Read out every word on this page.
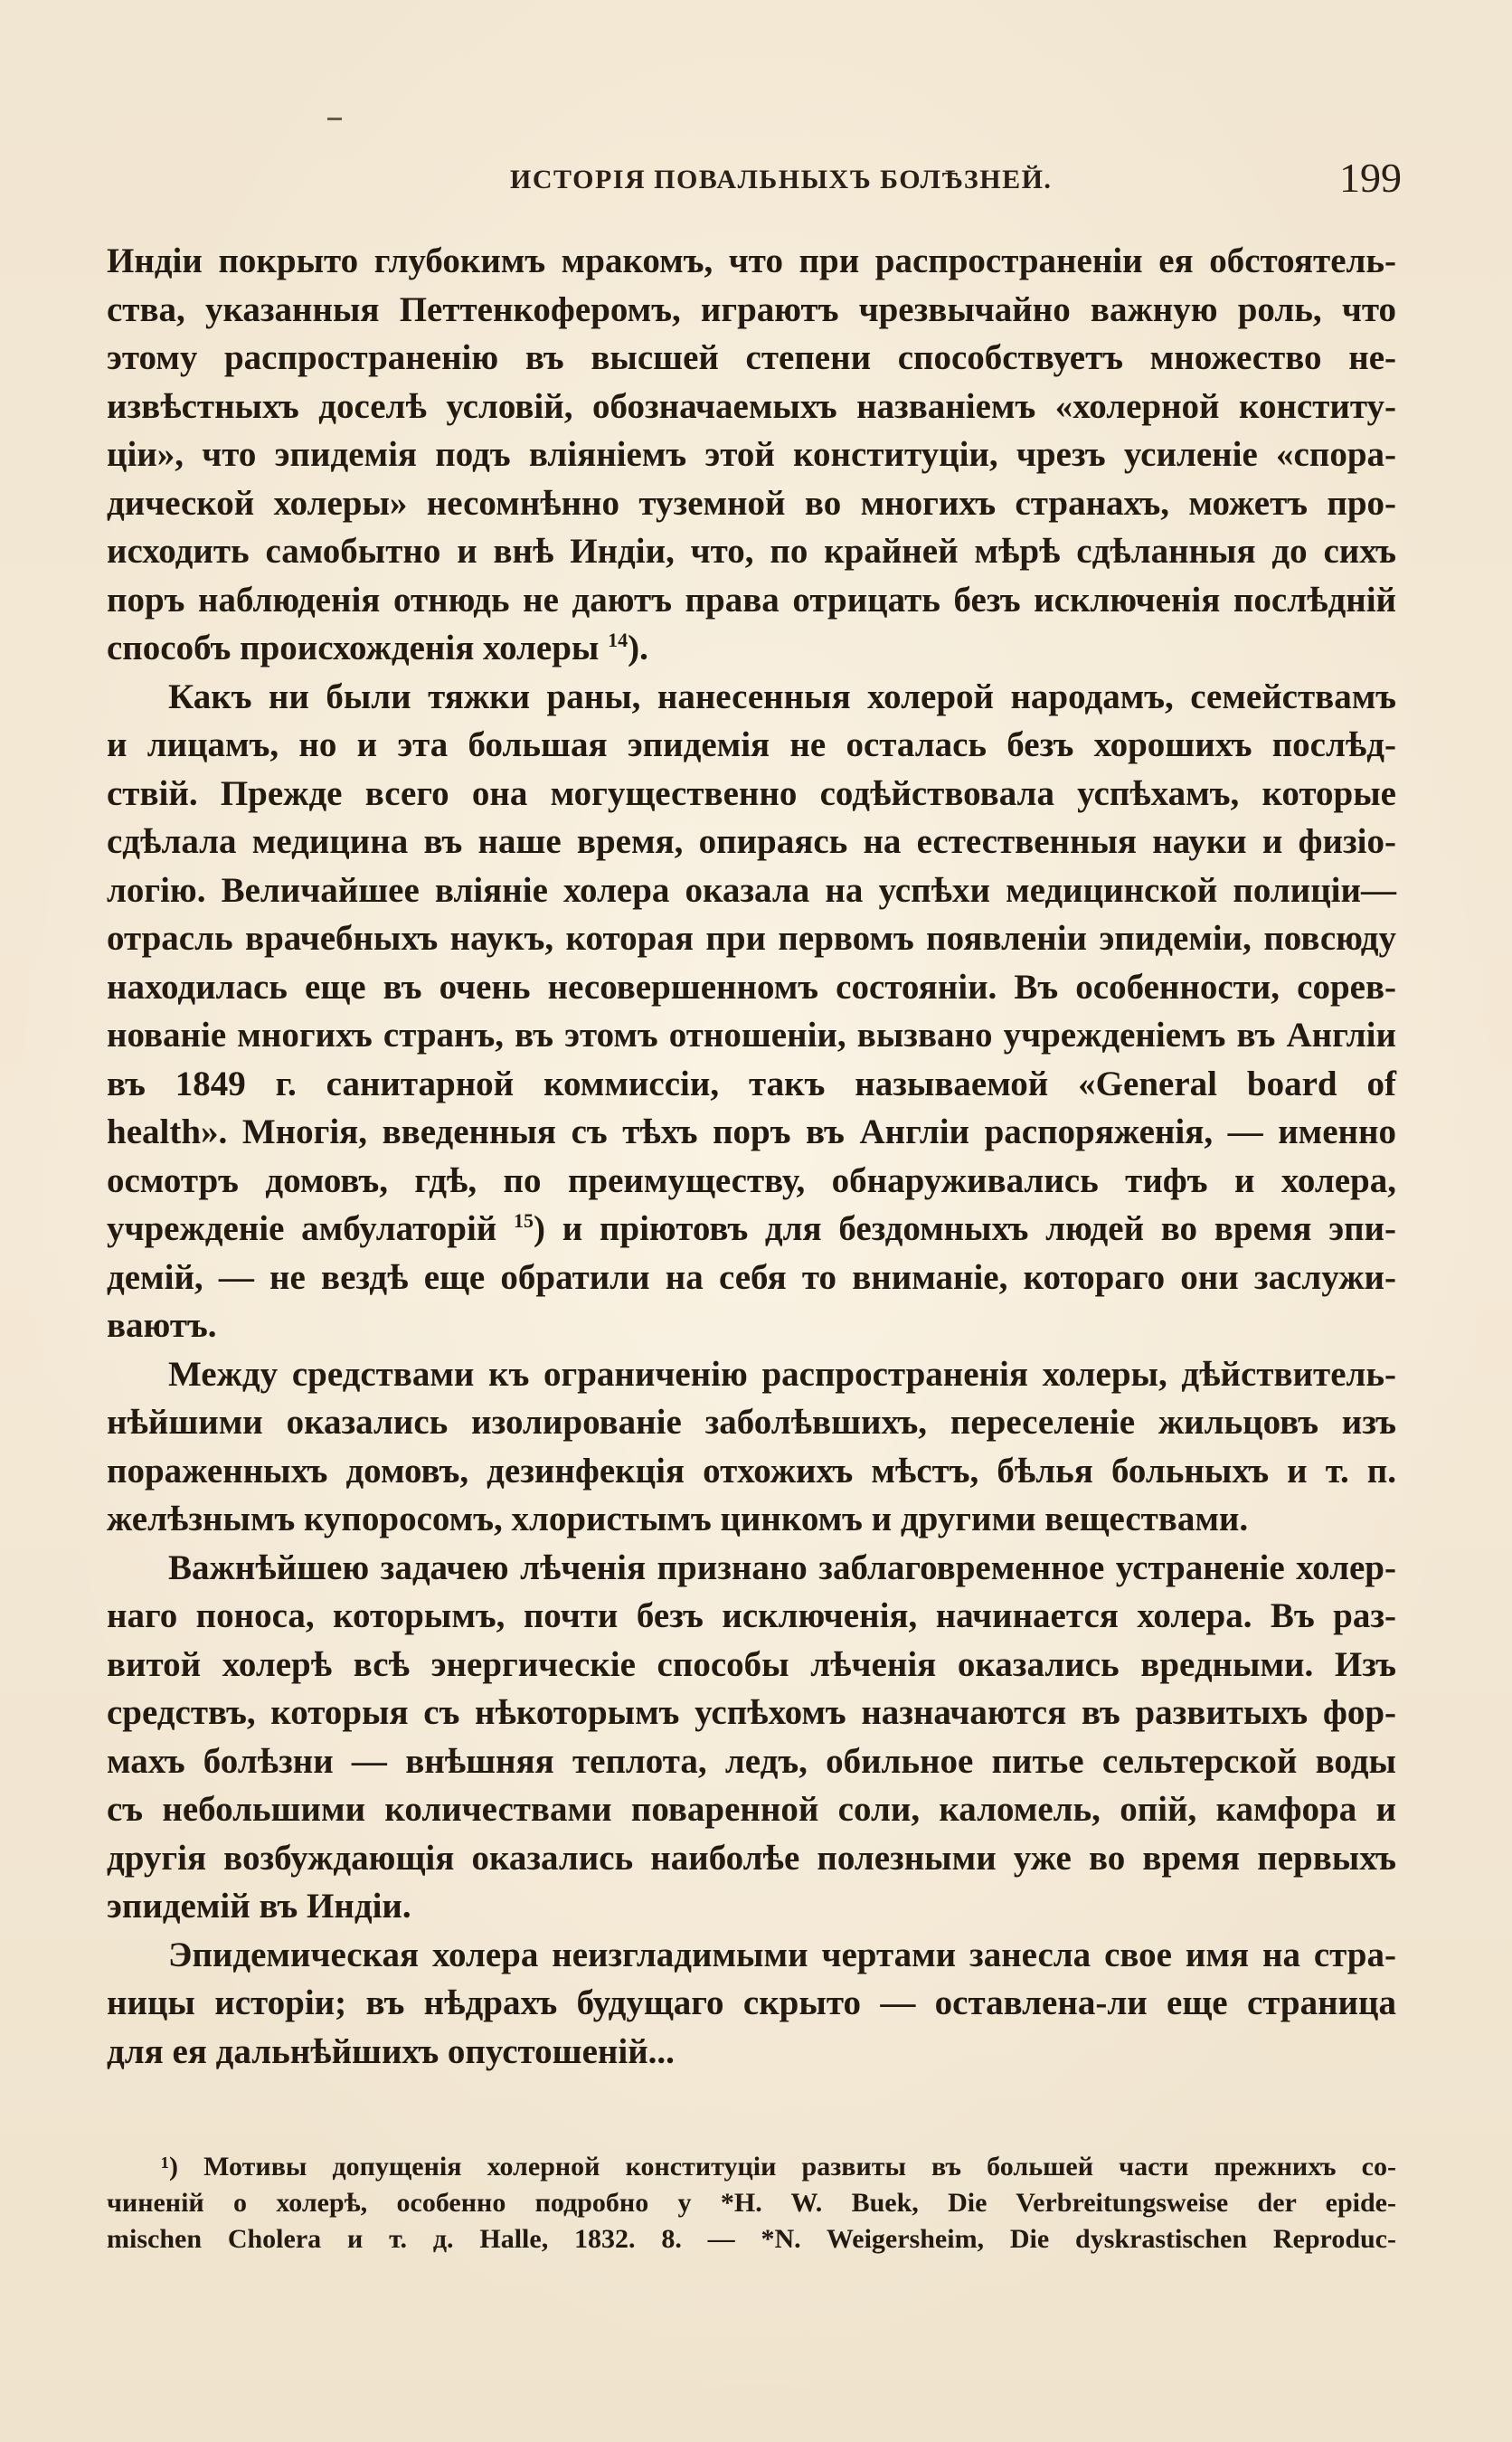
ИСТОРІЯ ПОВАЛЬНЫХЪ БОЛѢЗНЕЙ.	199
Индіи покрыто глубокимъ мракомъ, что при распространеніи ея обстоятель-
ства, указанныя Петтенкоферомъ, играютъ чрезвычайно важную роль, что
этому распространенію въ высшей степени способствуетъ множество не-
извѣстныхъ доселѣ условій, обозначаемыхъ названіемъ «холерной конститу-
ціи», что эпидемія подъ вліяніемъ этой конституціи, чрезъ усиленіе «спора-
дической холеры» несомнѣнно туземной во многихъ странахъ, можетъ про-
исходить самобытно и внѣ Индіи, что, по крайней мѣрѣ сдѣланныя до сихъ
поръ наблюденія отнюдь не даютъ права отрицать безъ исключенія послѣдній
способъ происхожденія холеры $^{14}$).
Какъ ни были тяжки раны, нанесенныя холерой народамъ, семействамъ
и лицамъ, но и эта большая эпидемія не осталась безъ хорошихъ послѣд-
ствій. Прежде всего она могущественно содѣйствовала успѣхамъ, которые
сдѣлала медицина въ наше время, опираясь на естественныя науки и физіо-
логію. Величайшее вліяніе холера оказала на успѣхи медицинской полиціи—
отрасль врачебныхъ наукъ, которая при первомъ появленіи эпидеміи, повсюду
находилась еще въ очень несовершенномъ состояніи. Въ особенности, сорев-
нованіе многихъ странъ, въ этомъ отношеніи, вызвано учрежденіемъ въ Англіи
въ 1849 г. санитарной коммиссіи, такъ называемой «General board of
health». Многія, введенныя съ тѣхъ поръ въ Англіи распоряженія, — именно
осмотръ домовъ, гдѣ, по преимуществу, обнаруживались тифъ и холера,
учрежденіе амбулаторій $^{15}$) и пріютовъ для бездомныхъ людей во время эпи-
демій, — не вездѣ еще обратили на себя то вниманіе, котораго они заслужи-
ваютъ.
Между средствами къ ограниченію распространенія холеры, дѣйствитель-
нѣйшими оказались изолированіе заболѣвшихъ, переселеніе жильцовъ изъ
пораженныхъ домовъ, дезинфекція отхожихъ мѣстъ, бѣлья больныхъ и т. п.
желѣзнымъ купоросомъ, хлористымъ цинкомъ и другими веществами.
Важнѣйшею задачею лѣченія признано заблаговременное устраненіе холер-
наго поноса, которымъ, почти безъ исключенія, начинается холера. Въ раз-
витой холерѣ всѣ энергическіе способы лѣченія оказались вредными. Изъ
средствъ, которыя съ нѣкоторымъ успѣхомъ назначаются въ развитыхъ фор-
махъ болѣзни — внѣшняя теплота, ледъ, обильное питье сельтерской воды
съ небольшими количествами поваренной соли, каломель, опій, камфора и
другія возбуждающія оказались наиболѣе полезными уже во время первыхъ
эпидемій въ Индіи.
Эпидемическая холера неизгладимыми чертами занесла свое имя на стра-
ницы исторіи; въ нѣдрахъ будущаго скрыто — оставлена-ли еще страница
для ея дальнѣйшихъ опустошеній...
¹) Мотивы допущенія холерной конституціи развиты въ большей части прежнихъ со-
чиненій о холерѣ, особенно подробно у *H. W. Buek, Die Verbreitungsweise der epide-
mischen Cholera и т. д. Halle, 1832. 8. — *N. Weigersheim, Die dyskrastischen Reproduc-
